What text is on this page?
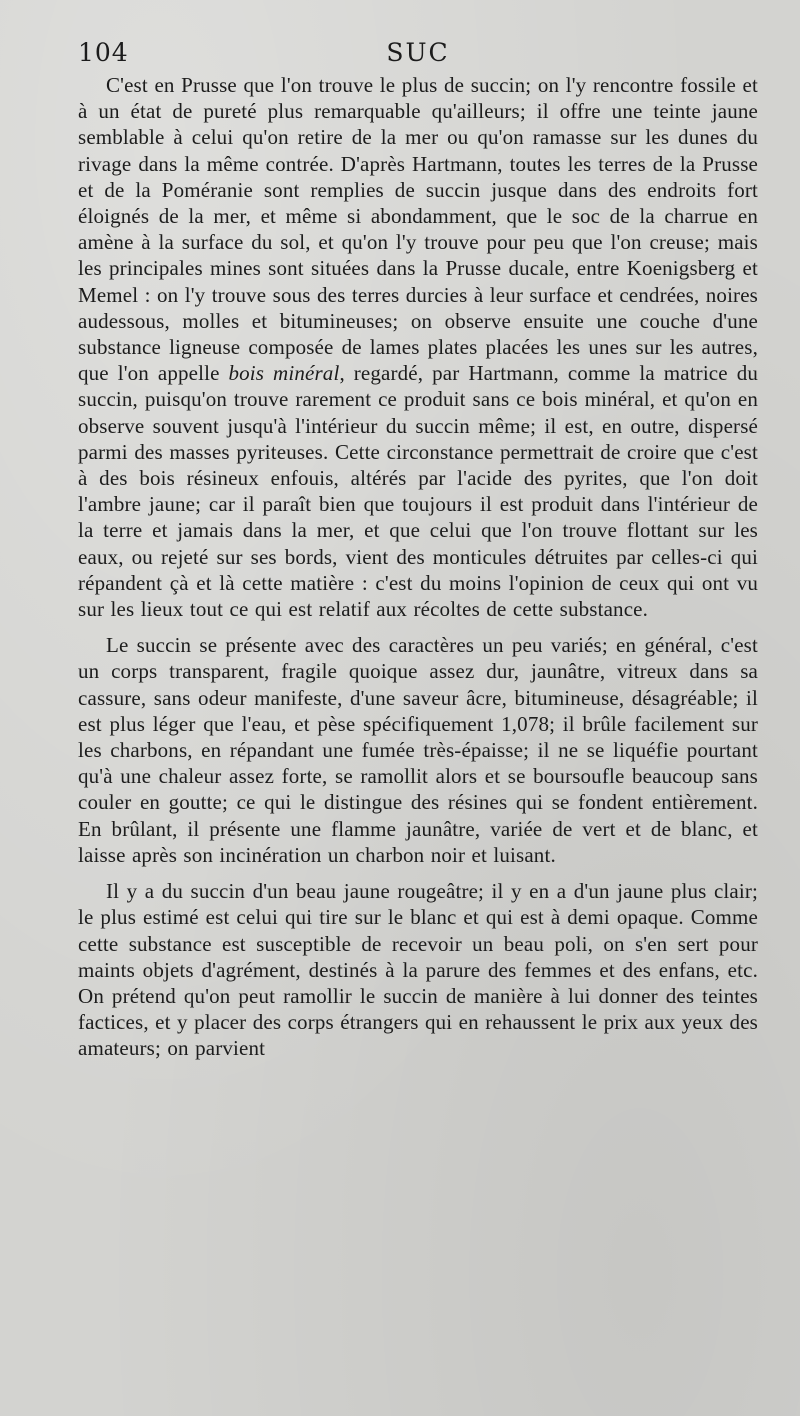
104	SUC

C'est en Prusse que l'on trouve le plus de succin; on l'y rencontre fossile et à un état de pureté plus remarquable qu'ailleurs; il offre une teinte jaune semblable à celui qu'on retire de la mer ou qu'on ramasse sur les dunes du rivage dans la même contrée. D'après Hartmann, toutes les terres de la Prusse et de la Poméranie sont remplies de succin jusque dans des endroits fort éloignés de la mer, et même si abondamment, que le soc de la charrue en amène à la surface du sol, et qu'on l'y trouve pour peu que l'on creuse; mais les principales mines sont situées dans la Prusse ducale, entre Koenigsberg et Memel : on l'y trouve sous des terres durcies à leur surface et cendrées, noires audessous, molles et bitumineuses; on observe ensuite une couche d'une substance ligneuse composée de lames plates placées les unes sur les autres, que l'on appelle bois minéral, regardé, par Hartmann, comme la matrice du succin, puisqu'on trouve rarement ce produit sans ce bois minéral, et qu'on en observe souvent jusqu'à l'intérieur du succin même; il est, en outre, dispersé parmi des masses pyriteuses. Cette circonstance permettrait de croire que c'est à des bois résineux enfouis, altérés par l'acide des pyrites, que l'on doit l'ambre jaune; car il paraît bien que toujours il est produit dans l'intérieur de la terre et jamais dans la mer, et que celui que l'on trouve flottant sur les eaux, ou rejeté sur ses bords, vient des monticules détruites par celles-ci qui répandent çà et là cette matière : c'est du moins l'opinion de ceux qui ont vu sur les lieux tout ce qui est relatif aux récoltes de cette substance.

Le succin se présente avec des caractères un peu variés; en général, c'est un corps transparent, fragile quoique assez dur, jaunâtre, vitreux dans sa cassure, sans odeur manifeste, d'une saveur âcre, bitumineuse, désagréable; il est plus léger que l'eau, et pèse spécifiquement 1,078; il brûle facilement sur les charbons, en répandant une fumée très-épaisse; il ne se liquéfie pourtant qu'à une chaleur assez forte, se ramollit alors et se boursoufle beaucoup sans couler en goutte; ce qui le distingue des résines qui se fondent entièrement. En brûlant, il présente une flamme jaunâtre, variée de vert et de blanc, et laisse après son incinération un charbon noir et luisant.

Il y a du succin d'un beau jaune rougeâtre; il y en a d'un jaune plus clair; le plus estimé est celui qui tire sur le blanc et qui est à demi opaque. Comme cette substance est susceptible de recevoir un beau poli, on s'en sert pour maints objets d'agrément, destinés à la parure des femmes et des enfans, etc. On prétend qu'on peut ramollir le succin de manière à lui donner des teintes factices, et y placer des corps étrangers qui en rehaussent le prix aux yeux des amateurs; on parvient
